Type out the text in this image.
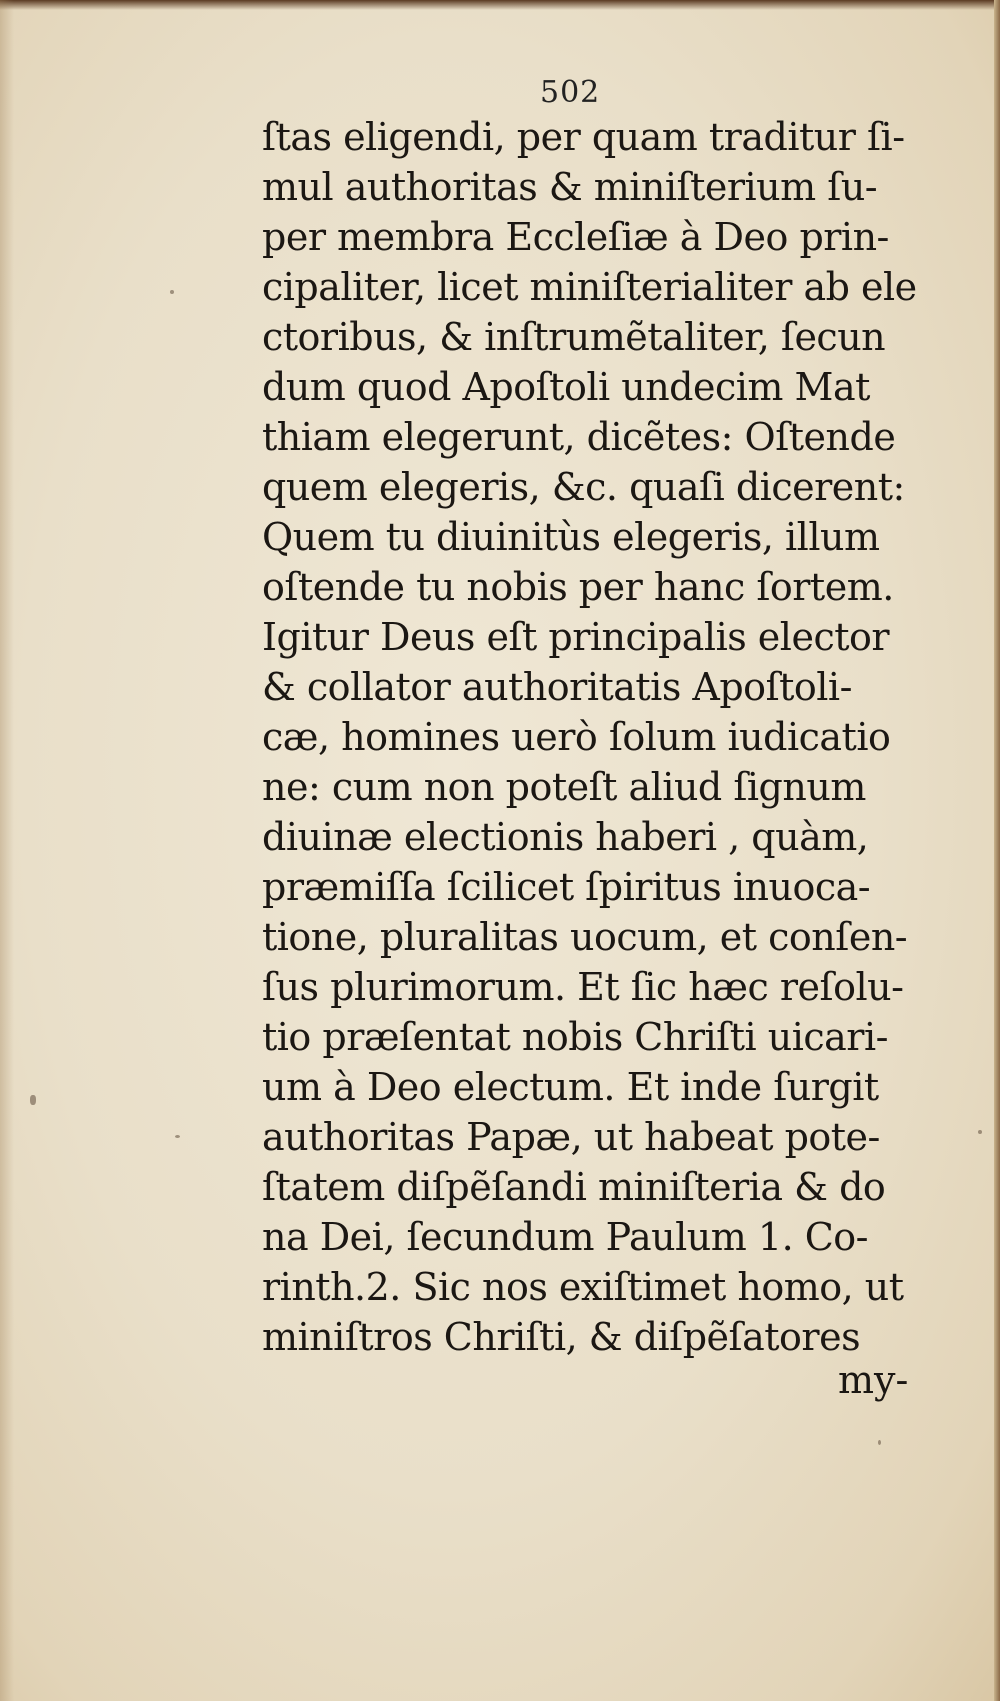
502
ſtas eligendi, per quam traditur ſi-
mul authoritas & miniſterium ſu-
per membra Eccleſiæ à Deo prin-
cipaliter, licet miniſterialiter ab ele
ctoribus, & inſtrumẽtaliter, ſecun
dum quod Apoſtoli undecim Mat
thiam elegerunt, dicẽtes: Oſtende
quem elegeris, &c. quaſi dicerent:
Quem tu diuinitùs elegeris, illum
oſtende tu nobis per hanc ſortem.
Igitur Deus eſt principalis elector
& collator authoritatis Apoſtoli-
cæ, homines uerò ſolum iudicatio
ne: cum non poteſt aliud ſignum
diuinæ electionis haberi , quàm,
præmiſſa ſcilicet ſpiritus inuoca-
tione, pluralitas uocum, et conſen-
ſus plurimorum. Et ſic hæc reſolu-
tio præſentat nobis Chriſti uicari-
um à Deo electum. Et inde ſurgit
authoritas Papæ, ut habeat pote-
ſtatem diſpẽſandi miniſteria & do
na Dei, ſecundum Paulum 1. Co-
rinth.2. Sic nos exiſtimet homo, ut
miniſtros Chriſti, & diſpẽſatores
my-
